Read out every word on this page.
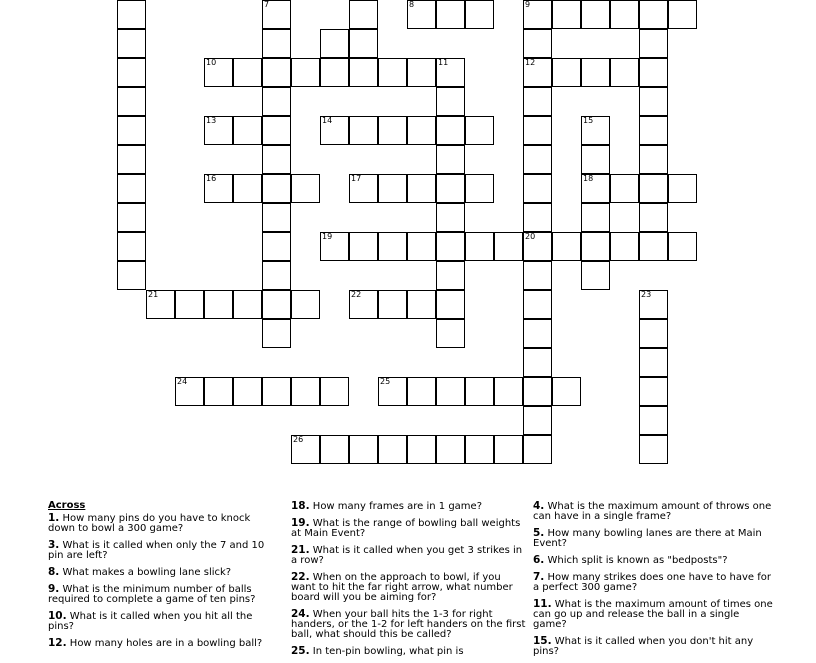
7	8	9
12
10	11
13	14	15
18
16	17
19	20
21	22	23
24	25
26
Across
1. How many pins do you have to knock down to bowl a 300 game?
3. What is it called when only the 7 and 10 pin are left?
8. What makes a bowling lane slick?
9. What is the minimum number of balls required to complete a game of ten pins?
10. What is it called when you hit all the pins?
12. How many holes are in a bowling ball?
18. How many frames are in 1 game?
19. What is the range of bowling ball weights at Main Event?
21. What is it called when you get 3 strikes in a row?
22. When on the approach to bowl, if you want to hit the far right arrow, what number board will you be aiming for?
24. When your ball hits the 1-3 for right handers, or the 1-2 for left handers on the first ball, what should this be called?
25. In ten-pin bowling, what pin is
4. What is the maximum amount of throws one can have in a single frame?
5. How many bowling lanes are there at Main Event?
6. Which split is known as "bedposts"?
7. How many strikes does one have to have for a perfect 300 game?
11. What is the maximum amount of times one can go up and release the ball in a single game?
15. What is it called when you don't hit any pins?
